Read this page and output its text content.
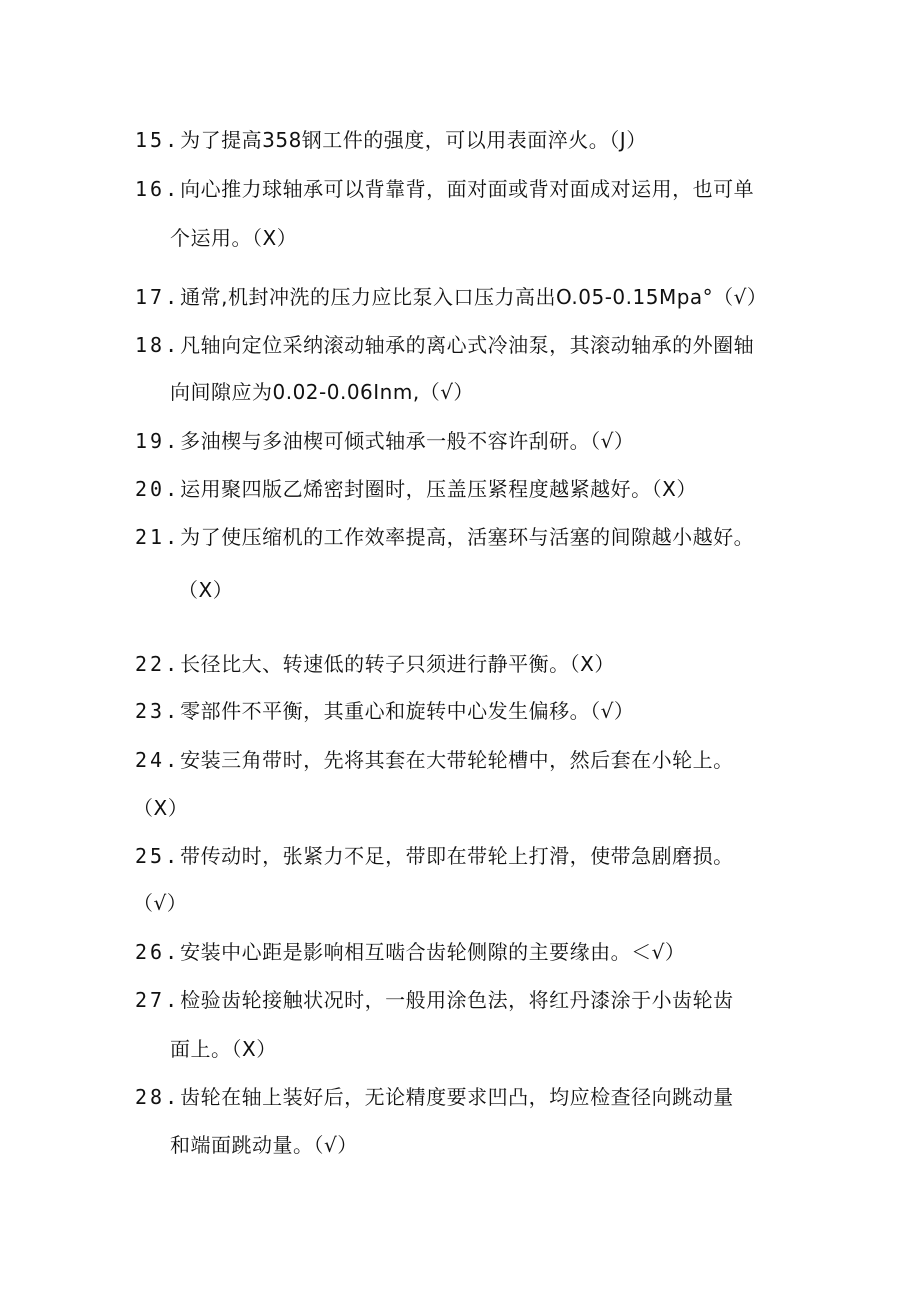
15.为了提高358钢工件的强度，可以用表面淬火。（J）
16.向心推力球轴承可以背靠背，面对面或背对面成对运用，也可单
个运用。（X）
17.通常,机封冲洗的压力应比泵入口压力高出O.05-0.15Mpa°（√）
18.凡轴向定位采纳滚动轴承的离心式冷油泵，其滚动轴承的外圈轴
向间隙应为0.02-0.06Inm,（√）
19.多油楔与多油楔可倾式轴承一般不容许刮研。（√）
20.运用聚四版乙烯密封圈时，压盖压紧程度越紧越好。（X）
21.为了使压缩机的工作效率提高，活塞环与活塞的间隙越小越好。
（X）
22.长径比大、转速低的转子只须进行静平衡。（X）
23.零部件不平衡，其重心和旋转中心发生偏移。（√）
24.安装三角带时，先将其套在大带轮轮槽中，然后套在小轮上。
（X）
25.带传动时，张紧力不足，带即在带轮上打滑，使带急剧磨损。
（√）
26.安装中心距是影响相互啮合齿轮侧隙的主要缘由。＜√）
27.检验齿轮接触状况时，一般用涂色法，将红丹漆涂于小齿轮齿
面上。（X）
28.齿轮在轴上装好后，无论精度要求凹凸，均应检查径向跳动量
和端面跳动量。（√）
